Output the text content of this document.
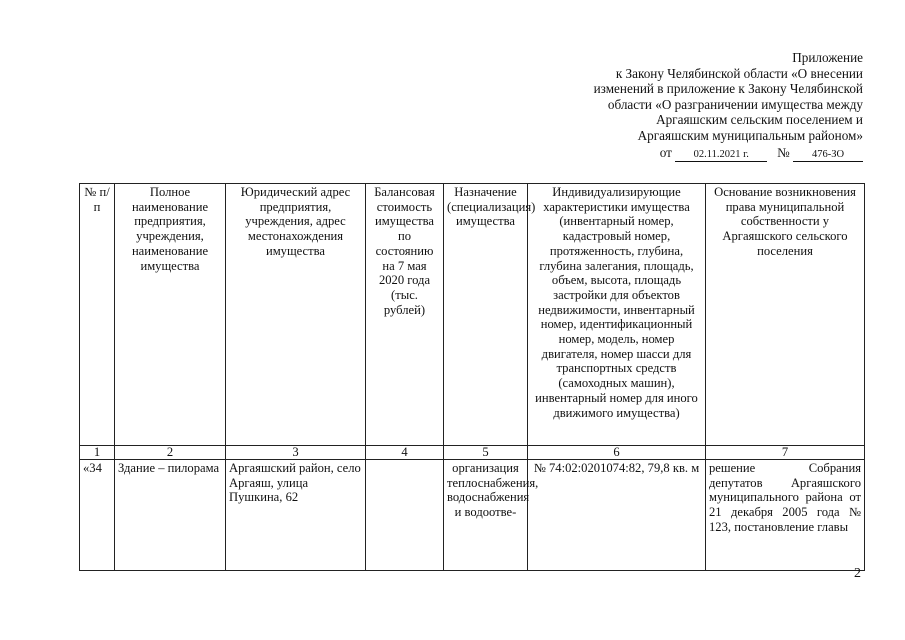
Приложение
к Закону Челябинской области «О внесении
изменений в приложение к Закону Челябинской
области «О разграничении имущества между
Аргаяшским сельским поселением и
Аргаяшским муниципальным районом»
от 02.11.2021 г. № 476-ЗО
№ п/п	Полное наименование предприятия, учреждения, наименование имущества	Юридический адрес предприятия, учреждения, адрес местонахождения имущества	Балансовая стоимость имущества по состоянию на 7 мая 2020 года (тыс. рублей)	Назначение (специализация) имущества	Индивидуализирующие характеристики имущества (инвентарный номер, кадастровый номер, протяженность, глубина, глубина залегания, площадь, объем, высота, площадь застройки для объектов недвижимости, инвентарный номер, идентификационный номер, модель, номер двигателя, номер шасси для транспортных средств (самоходных машин), инвентарный номер для иного движимого имущества)	Основание возникновения права муниципальной собственности у Аргаяшского сельского поселения
1	2	3	4	5	6	7
«34	Здание – пилорама	Аргаяшский район, село Аргаяш, улица Пушкина, 62		организация теплоснабжения, водоснабжения и водоотве-	№ 74:02:0201074:82, 79,8 кв. м	решение Собрания депутатов Аргаяшского муниципального района от 21 декабря 2005 года № 123, постановление главы
2
